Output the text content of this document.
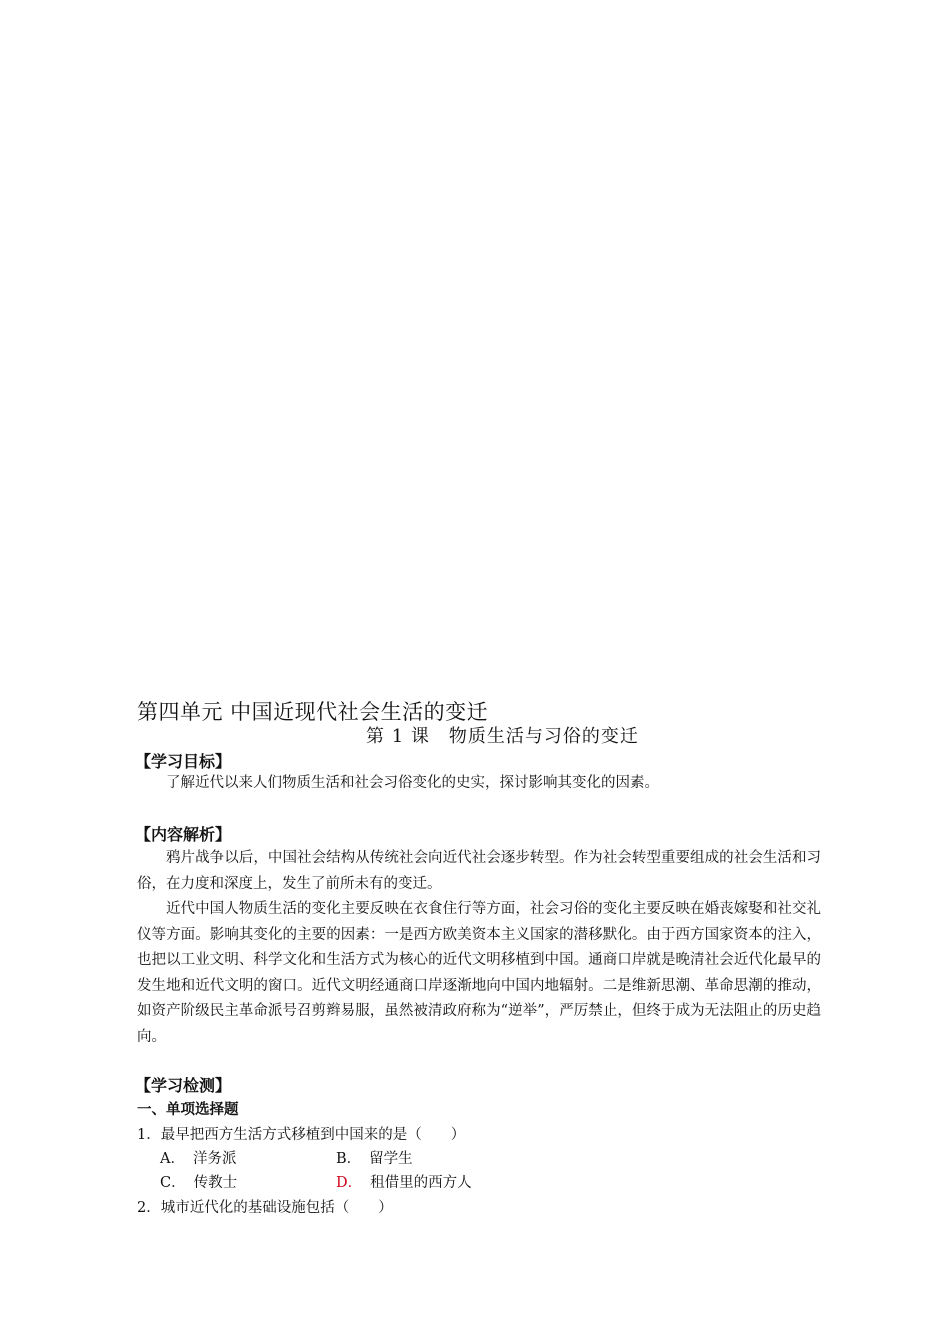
第四单元 中国近现代社会生活的变迁
第 1 课　物质生活与习俗的变迁
【学习目标】
了解近代以来人们物质生活和社会习俗变化的史实，探讨影响其变化的因素。
【内容解析】
鸦片战争以后，中国社会结构从传统社会向近代社会逐步转型。作为社会转型重要组成的社会生活和习俗，在力度和深度上，发生了前所未有的变迁。
近代中国人物质生活的变化主要反映在衣食住行等方面，社会习俗的变化主要反映在婚丧嫁娶和社交礼仪等方面。影响其变化的主要的因素：一是西方欧美资本主义国家的潜移默化。由于西方国家资本的注入，也把以工业文明、科学文化和生活方式为核心的近代文明移植到中国。通商口岸就是晚清社会近代化最早的发生地和近代文明的窗口。近代文明经通商口岸逐渐地向中国内地辐射。二是维新思潮、革命思潮的推动，如资产阶级民主革命派号召剪辫易服，虽然被清政府称为“逆举”，严厉禁止，但终于成为无法阻止的历史趋向。
【学习检测】
一、单项选择题
1．最早把西方生活方式移植到中国来的是（　　）
A． 洋务派	B． 留学生
C． 传教士	D． 租借里的西方人
2．城市近代化的基础设施包括（　　）
